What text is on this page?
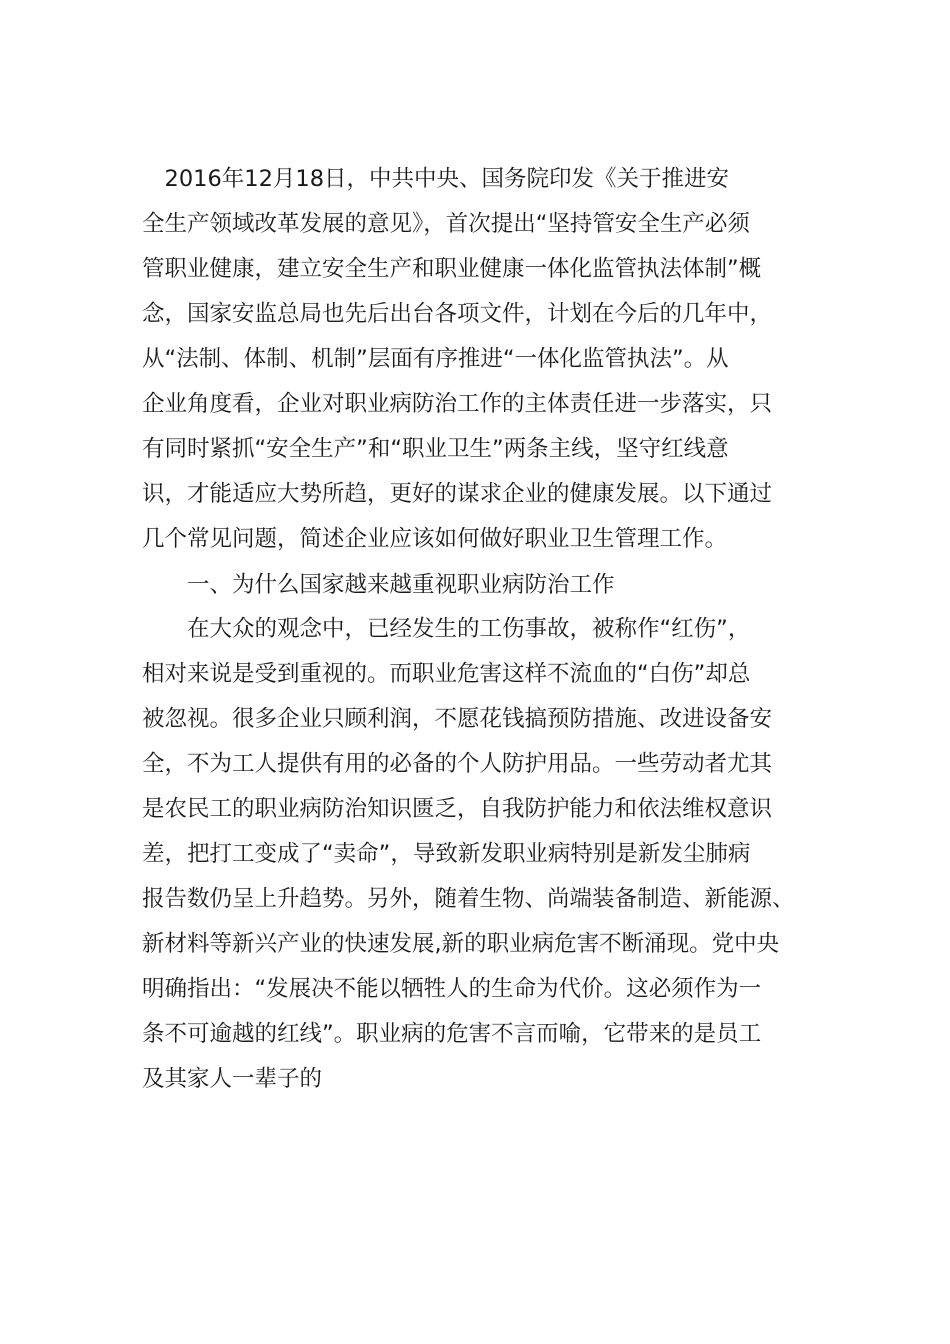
　2016年12月18日，中共中央、国务院印发《关于推进安
全生产领域改革发展的意见》，首次提出“坚持管安全生产必须
管职业健康，建立安全生产和职业健康一体化监管执法体制”概
念，国家安监总局也先后出台各项文件，计划在今后的几年中，
从“法制、体制、机制”层面有序推进“一体化监管执法”。从
企业角度看，企业对职业病防治工作的主体责任进一步落实，只
有同时紧抓“安全生产”和“职业卫生”两条主线，坚守红线意
识，才能适应大势所趋，更好的谋求企业的健康发展。以下通过
几个常见问题，简述企业应该如何做好职业卫生管理工作。
　　一、为什么国家越来越重视职业病防治工作
　　在大众的观念中，已经发生的工伤事故，被称作“红伤”，
相对来说是受到重视的。而职业危害这样不流血的“白伤”却总
被忽视。很多企业只顾利润，不愿花钱搞预防措施、改进设备安
全，不为工人提供有用的必备的个人防护用品。一些劳动者尤其
是农民工的职业病防治知识匮乏，自我防护能力和依法维权意识
差，把打工变成了“卖命”，导致新发职业病特别是新发尘肺病
报告数仍呈上升趋势。另外，随着生物、尚端装备制造、新能源、
新材料等新兴产业的快速发展,新的职业病危害不断涌现。党中央
明确指出：“发展决不能以牺牲人的生命为代价。这必须作为一
条不可逾越的红线”。职业病的危害不言而喻，它带来的是员工
及其家人一辈子的
